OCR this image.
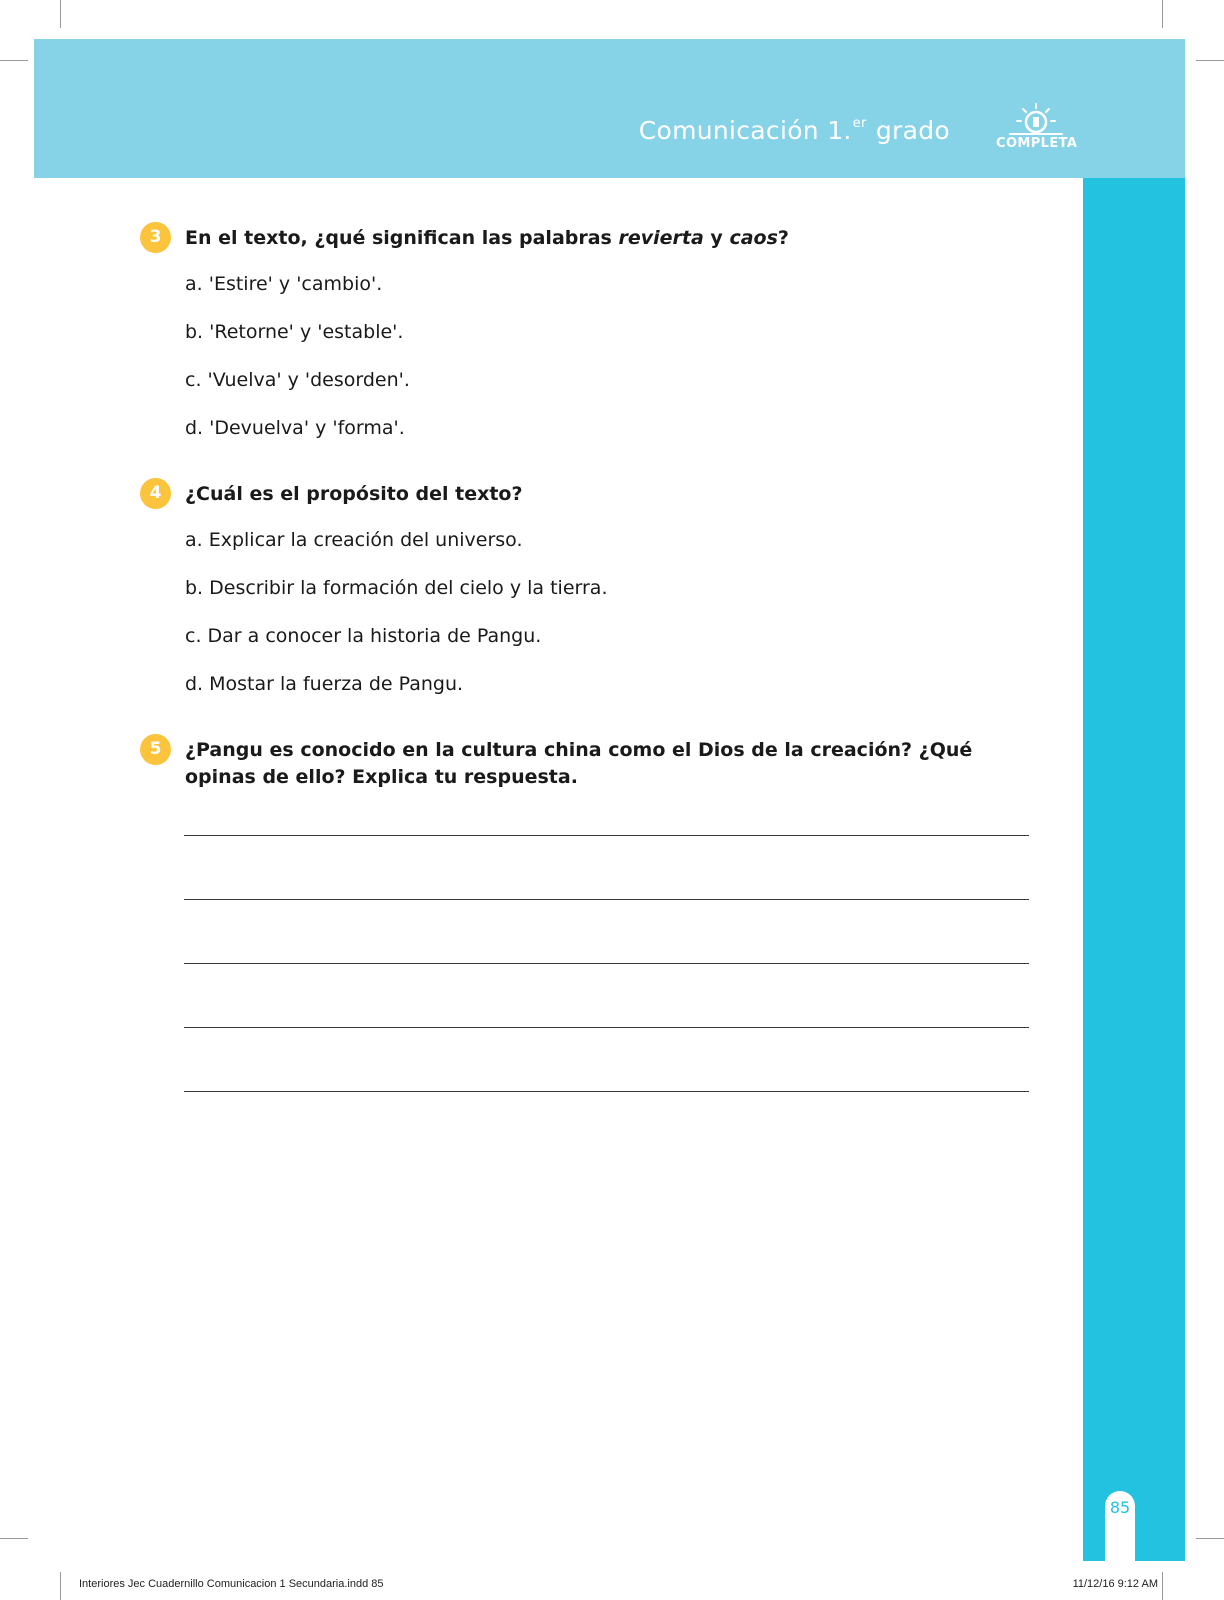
Comunicación 1.$^{er}$ grado	COMPLETA
85
3	En el texto, ¿qué significan las palabras revierta y caos?
a. 'Estire' y 'cambio'.
b. 'Retorne' y 'estable'.
c. 'Vuelva' y 'desorden'.
d. 'Devuelva' y 'forma'.
4	¿Cuál es el propósito del texto?
a. Explicar la creación del universo.
b. Describir la formación del cielo y la tierra.
c. Dar a conocer la historia de Pangu.
d. Mostar la fuerza de Pangu.
5	¿Pangu es conocido en la cultura china como el Dios de la creación? ¿Qué opinas de ello? Explica tu respuesta.
Interiores Jec Cuadernillo Comunicacion 1 Secundaria.indd 85	11/12/16 9:12 AM
